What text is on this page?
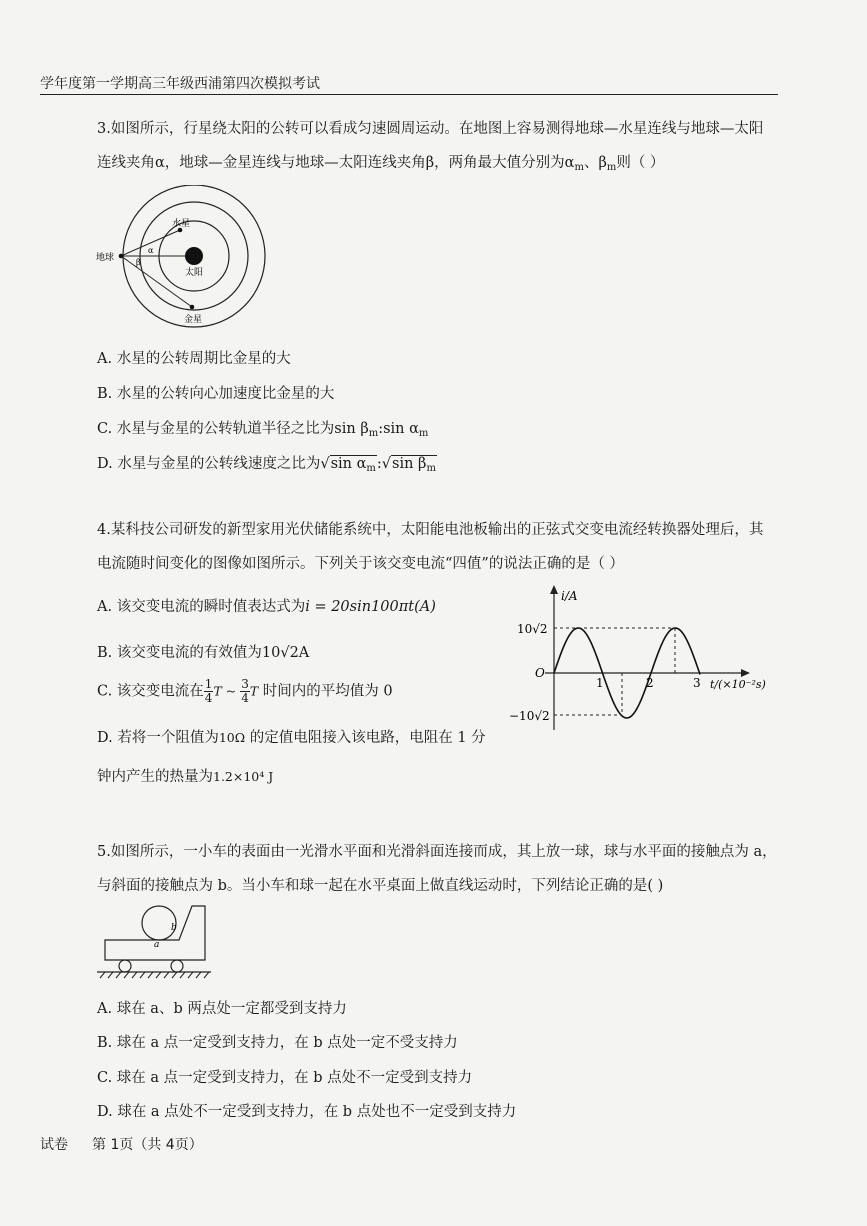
学年度第一学期高三年级西浦第四次模拟考试
3.如图所示，行星绕太阳的公转可以看成匀速圆周运动。在地图上容易测得地球—水星连线与地球—太阳
连线夹角α，地球—金星连线与地球—太阳连线夹角β，两角最大值分别为$\alpha_m$、$\beta_m$则（ ）
地球
水星
太阳
金星
α
β
A. 水星的公转周期比金星的大
B. 水星的公转向心加速度比金星的大
C. 水星与金星的公转轨道半径之比为$\sin \beta_m:\sin$ $\alpha_m$
D. 水星与金星的公转线速度之比为√sin $\alpha_m:√\sin$ $\beta_m$
4.某科技公司研发的新型家用光伏储能系统中，太阳能电池板输出的正弦式交变电流经转换器处理后，其
电流随时间变化的图像如图所示。下列关于该交变电流“四值”的说法正确的是（ ）
A. 该交变电流的瞬时值表达式为i = 20sin100πt(A)
B. 该交变电流的有效值为10√2A
C. 该交变电流在 $\frac{1}{4}$ T ~ $\frac{3}{4}$ T 时间内的平均值为 0
D. 若将一个阻值为10Ω 的定值电阻接入该电路，电阻在 1 分
钟内产生的热量为1.2×10⁴ J
i/A
O
10√2
−10√2
1	2	3 t/(×10⁻²s)
5.如图所示，一小车的表面由一光滑水平面和光滑斜面连接而成，其上放一球，球与水平面的接触点为 a，
与斜面的接触点为 b。当小车和球一起在水平桌面上做直线运动时，下列结论正确的是( )
a
b
A. 球在 a、b 两点处一定都受到支持力
B. 球在 a 点一定受到支持力，在 b 点处一定不受支持力
C. 球在 a 点一定受到支持力，在 b 点处不一定受到支持力
D. 球在 a 点处不一定受到支持力，在 b 点处也不一定受到支持力
试卷 第 1页（共 4页）
